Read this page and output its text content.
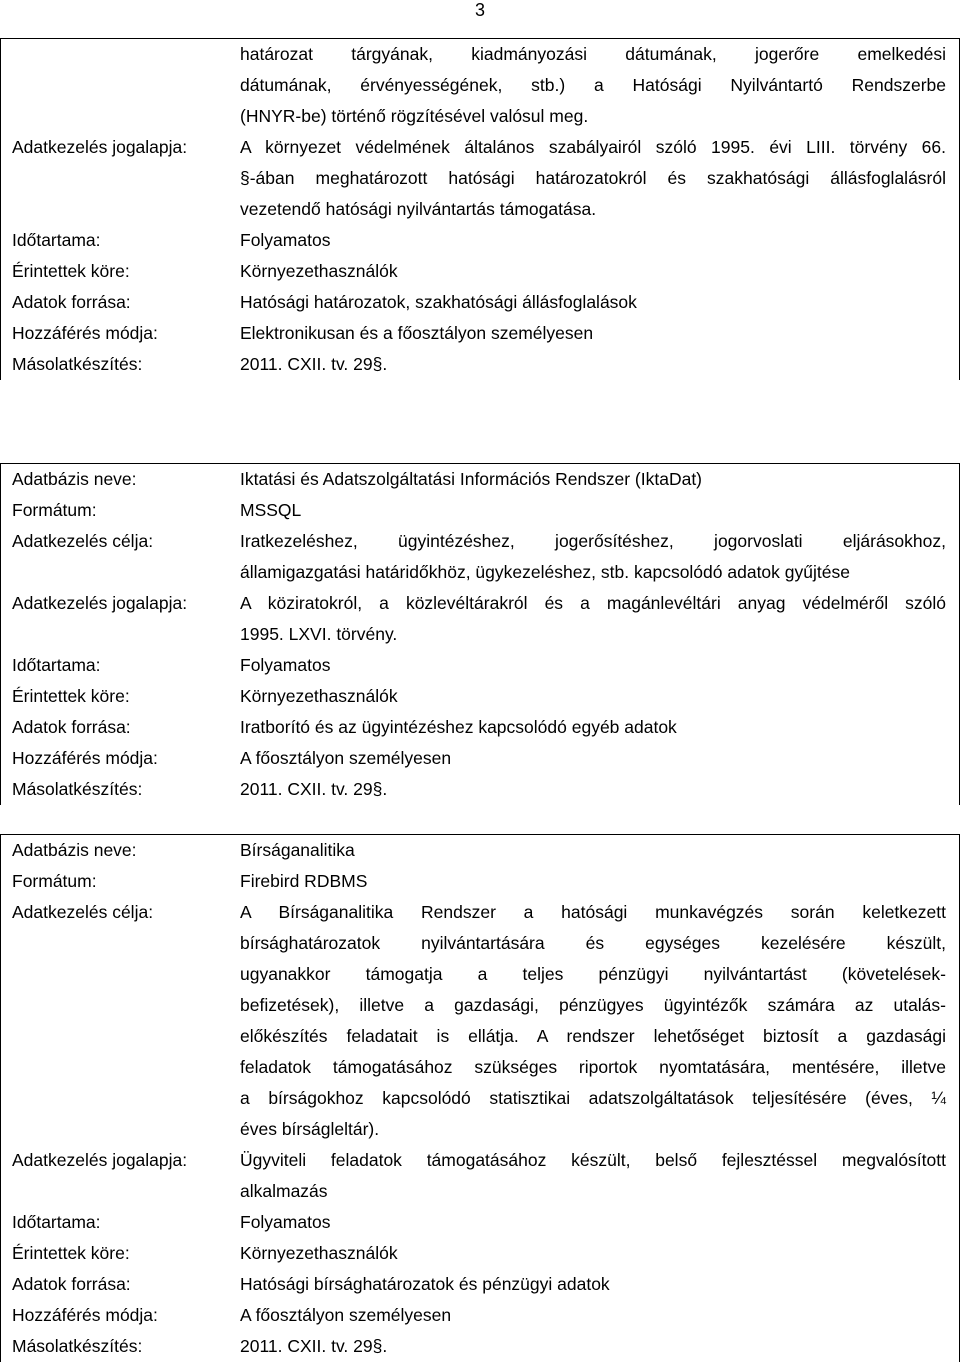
3
határozat tárgyának, kiadmányozási dátumának, jogerőre emelkedési
dátumának, érvényességének, stb.) a Hatósági Nyilvántartó Rendszerbe
(HNYR-be) történő rögzítésével valósul meg.
Adatkezelés jogalapja:	A környezet védelmének általános szabályairól szóló 1995. évi LIII. törvény 66.
§-ában meghatározott hatósági határozatokról és szakhatósági állásfoglalásról
vezetendő hatósági nyilvántartás támogatása.
Időtartama:	Folyamatos
Érintettek köre:	Környezethasználók
Adatok forrása:	Hatósági határozatok, szakhatósági állásfoglalások
Hozzáférés módja:	Elektronikusan és a főosztályon személyesen
Másolatkészítés:	2011. CXII. tv. 29§.
Adatbázis neve:	Iktatási és Adatszolgáltatási Információs Rendszer (IktaDat)
Formátum:	MSSQL
Adatkezelés célja:	Iratkezeléshez, ügyintézéshez, jogerősítéshez, jogorvoslati eljárásokhoz,
államigazgatási határidőkhöz, ügykezeléshez, stb. kapcsolódó adatok gyűjtése
Adatkezelés jogalapja:	A köziratokról, a közlevéltárakról és a magánlevéltári anyag védelméről szóló
1995. LXVI. törvény.
Időtartama:	Folyamatos
Érintettek köre:	Környezethasználók
Adatok forrása:	Iratborító és az ügyintézéshez kapcsolódó egyéb adatok
Hozzáférés módja:	A főosztályon személyesen
Másolatkészítés:	2011. CXII. tv. 29§.
Adatbázis neve:	Bírságanalitika
Formátum:	Firebird RDBMS
Adatkezelés célja:	A Bírságanalitika Rendszer a hatósági munkavégzés során keletkezett
bírsághatározatok nyilvántartására és egységes kezelésére készült,
ugyanakkor támogatja a teljes pénzügyi nyilvántartást (követelések-
befizetések), illetve a gazdasági, pénzügyes ügyintézők számára az utalás-
előkészítés feladatait is ellátja. A rendszer lehetőséget biztosít a gazdasági
feladatok támogatásához szükséges riportok nyomtatására, mentésére, illetve
a bírságokhoz kapcsolódó statisztikai adatszolgáltatások teljesítésére (éves, ¼
éves bírságleltár).
Adatkezelés jogalapja:	Ügyviteli feladatok támogatásához készült, belső fejlesztéssel megvalósított
alkalmazás
Időtartama:	Folyamatos
Érintettek köre:	Környezethasználók
Adatok forrása:	Hatósági bírsághatározatok és pénzügyi adatok
Hozzáférés módja:	A főosztályon személyesen
Másolatkészítés:	2011. CXII. tv. 29§.
